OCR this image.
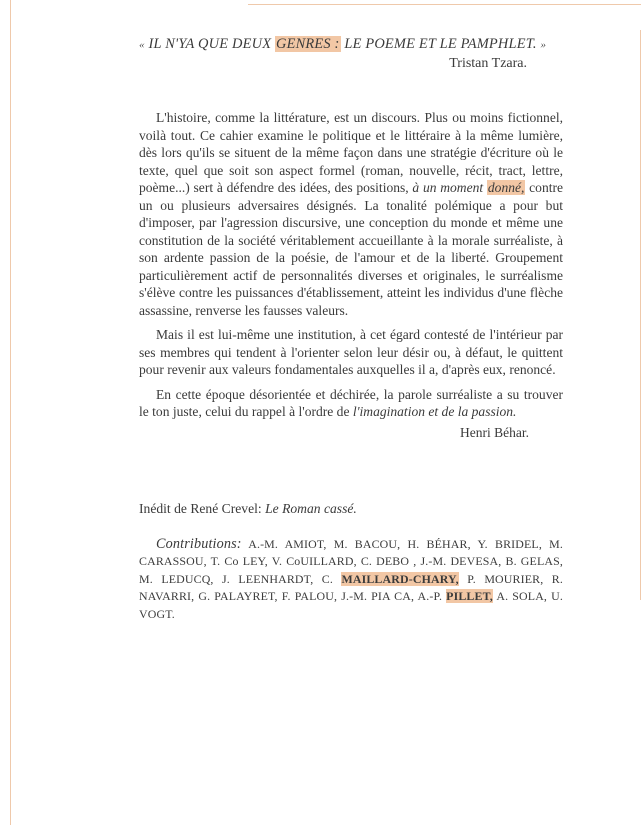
« IL N'YA QUE DEUX GENRES : LE POEME ET LE PAMPHLET. »
Tristan Tzara.

L'histoire, comme la littérature, est un discours. Plus ou moins fictionnel, voilà tout. Ce cahier examine le politique et le littéraire à la même lumière, dès lors qu'ils se situent de la même façon dans une stratégie d'écriture où le texte, quel que soit son aspect formel (roman, nouvelle, récit, tract, lettre, poème...) sert à défendre des idées, des positions, à un moment donné, contre un ou plusieurs adversaires désignés. La tonalité polémique a pour but d'imposer, par l'agression discursive, une conception du monde et même une constitution de la société véritablement accueillante à la morale surréaliste, à son ardente passion de la poésie, de l'amour et de la liberté. Groupement particulièrement actif de personnalités diverses et originales, le surréalisme s'élève contre les puissances d'établissement, atteint les individus d'une flèche assassine, renverse les fausses valeurs.

Mais il est lui-même une institution, à cet égard contesté de l'intérieur par ses membres qui tendent à l'orienter selon leur désir ou, à défaut, le quittent pour revenir aux valeurs fondamentales auxquelles il a, d'après eux, renoncé.

En cette époque désorientée et déchirée, la parole surréaliste a su trouver le ton juste, celui du rappel à l'ordre de l'imagination et de la passion.

Henri Béhar.
Inédit de René Crevel: Le Roman cassé.
Contributions: A.-M. AMIOT, M. BACOU, H. BÉHAR, Y. BRIDEL, M. CARASSOU, T. Co LEY, V. CoUILLARD, C. DEBO , J.-M. DEVESA, B. GELAS, M. LEDUCQ, J. LEENHARDT, C. MAILLARD-CHARY, P. MOURIER, R. NAVARRI, G. PALAYRET, F. PALOU, J.-M. PIA CA, A.-P. PILLET, A. SOLA, U. VOGT.
